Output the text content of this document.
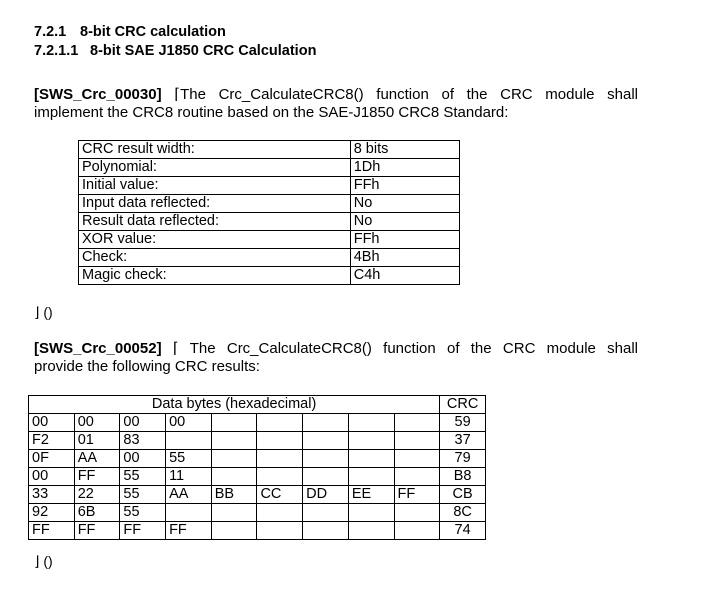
7.2.1 8-bit CRC calculation
7.2.1.1 8-bit SAE J1850 CRC Calculation
[SWS_Crc_00030] ⌈The Crc_CalculateCRC8() function of the CRC module shall
implement the CRC8 routine based on the SAE-J1850 CRC8 Standard:
CRC result width:	8 bits
Polynomial:	1Dh
Initial value:	FFh
Input data reflected:	No
Result data reflected:	No
XOR value:	FFh
Check:	4Bh
Magic check:	C4h
⌋ ()
[SWS_Crc_00052] ⌈ The Crc_CalculateCRC8() function of the CRC module shall
provide the following CRC results:
Data bytes (hexadecimal)									CRC
00	00	00	00						59
F2	01	83							37
0F	AA	00	55						79
00	FF	55	11						B8
33	22	55	AA	BB	CC	DD	EE	FF	CB
92	6B	55							8C
FF	FF	FF	FF						74
⌋ ()
